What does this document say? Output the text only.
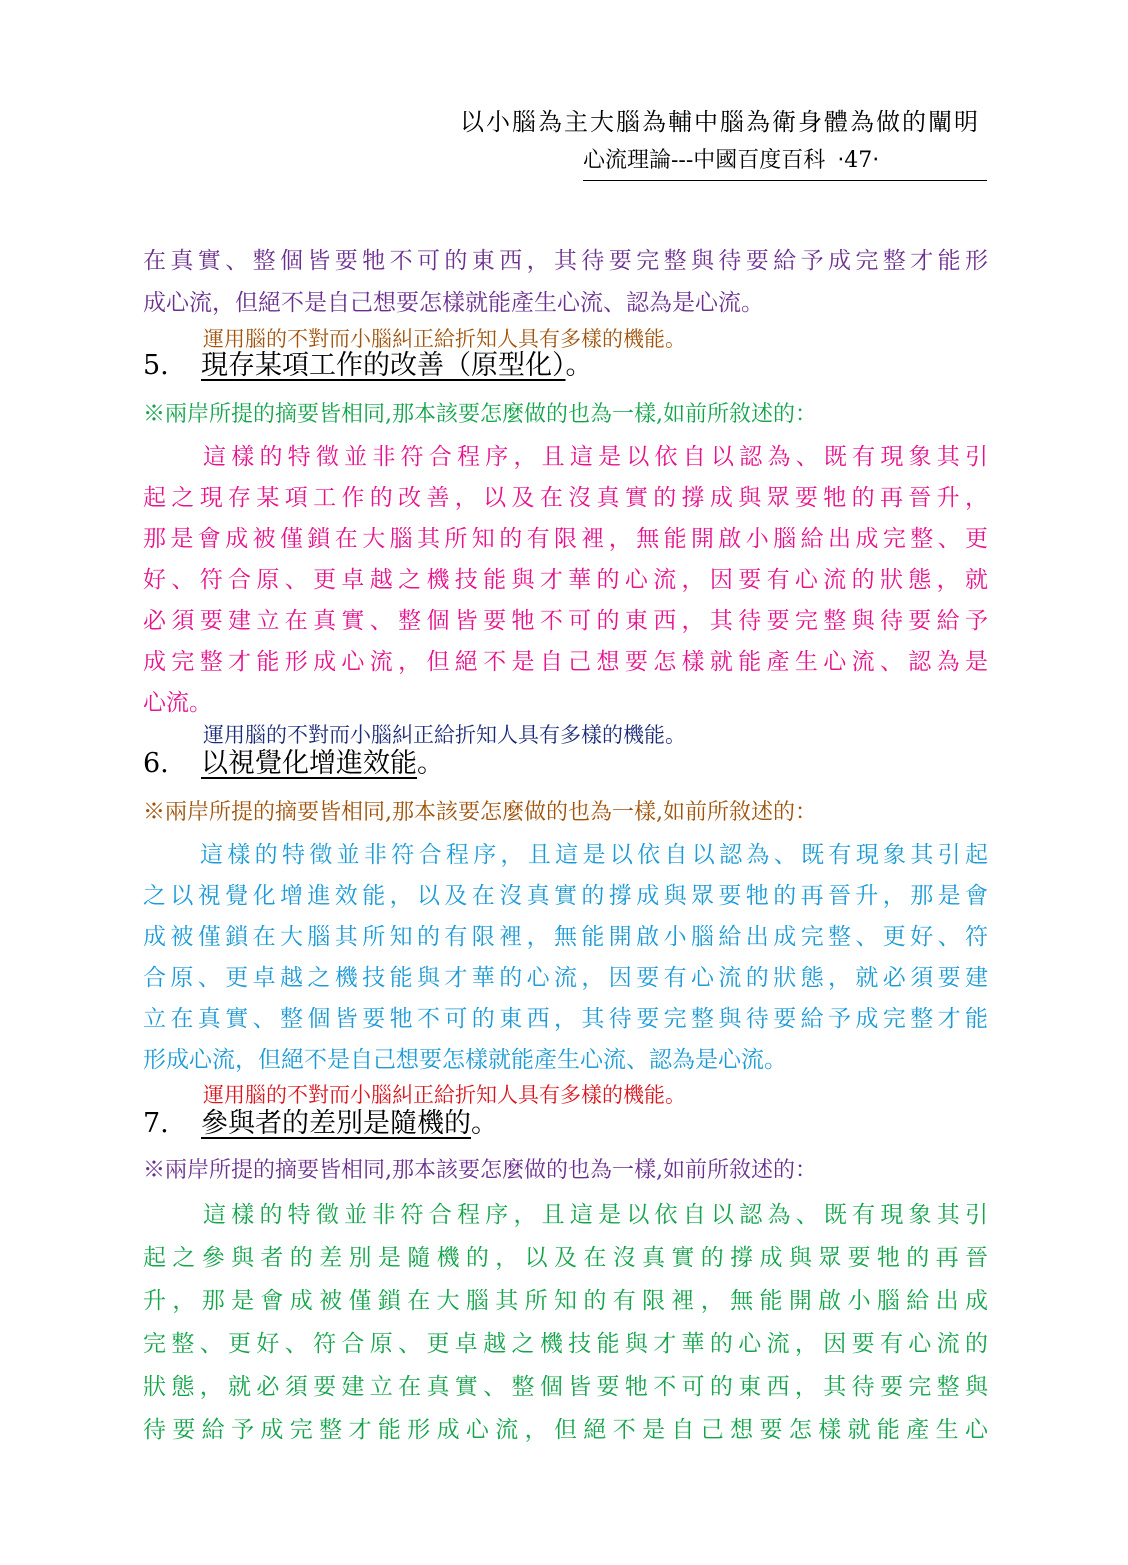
以小腦為主大腦為輔中腦為衛身體為做的闡明
心流理論---中國百度百科 ‧47‧
在真實、整個皆要牠不可的東西，其待要完整與待要給予成完整才能形
成心流，但絕不是自己想要怎樣就能產生心流、認為是心流。
運用腦的不對而小腦糾正給折知人具有多樣的機能。
5. 現存某項工作的改善（原型化）。
※兩岸所提的摘要皆相同,那本該要怎麼做的也為一樣,如前所敘述的：
這樣的特徵並非符合程序，且這是以依自以認為、既有現象其引
起之現存某項工作的改善，以及在沒真實的撐成與眾要牠的再晉升，
那是會成被僅鎖在大腦其所知的有限裡，無能開啟小腦給出成完整、更
好、符合原、更卓越之機技能與才華的心流，因要有心流的狀態，就
必須要建立在真實、整個皆要牠不可的東西，其待要完整與待要給予
成完整才能形成心流，但絕不是自己想要怎樣就能產生心流、認為是
心流。
運用腦的不對而小腦糾正給折知人具有多樣的機能。
6. 以視覺化增進效能。
※兩岸所提的摘要皆相同,那本該要怎麼做的也為一樣,如前所敘述的：
這樣的特徵並非符合程序，且這是以依自以認為、既有現象其引起
之以視覺化增進效能，以及在沒真實的撐成與眾要牠的再晉升，那是會
成被僅鎖在大腦其所知的有限裡，無能開啟小腦給出成完整、更好、符
合原、更卓越之機技能與才華的心流，因要有心流的狀態，就必須要建
立在真實、整個皆要牠不可的東西，其待要完整與待要給予成完整才能
形成心流，但絕不是自己想要怎樣就能產生心流、認為是心流。
運用腦的不對而小腦糾正給折知人具有多樣的機能。
7. 參與者的差別是隨機的。
※兩岸所提的摘要皆相同,那本該要怎麼做的也為一樣,如前所敘述的：
這樣的特徵並非符合程序，且這是以依自以認為、既有現象其引
起之參與者的差別是隨機的，以及在沒真實的撐成與眾要牠的再晉
升，那是會成被僅鎖在大腦其所知的有限裡，無能開啟小腦給出成
完整、更好、符合原、更卓越之機技能與才華的心流，因要有心流的
狀態，就必須要建立在真實、整個皆要牠不可的東西，其待要完整與
待要給予成完整才能形成心流，但絕不是自己想要怎樣就能產生心
